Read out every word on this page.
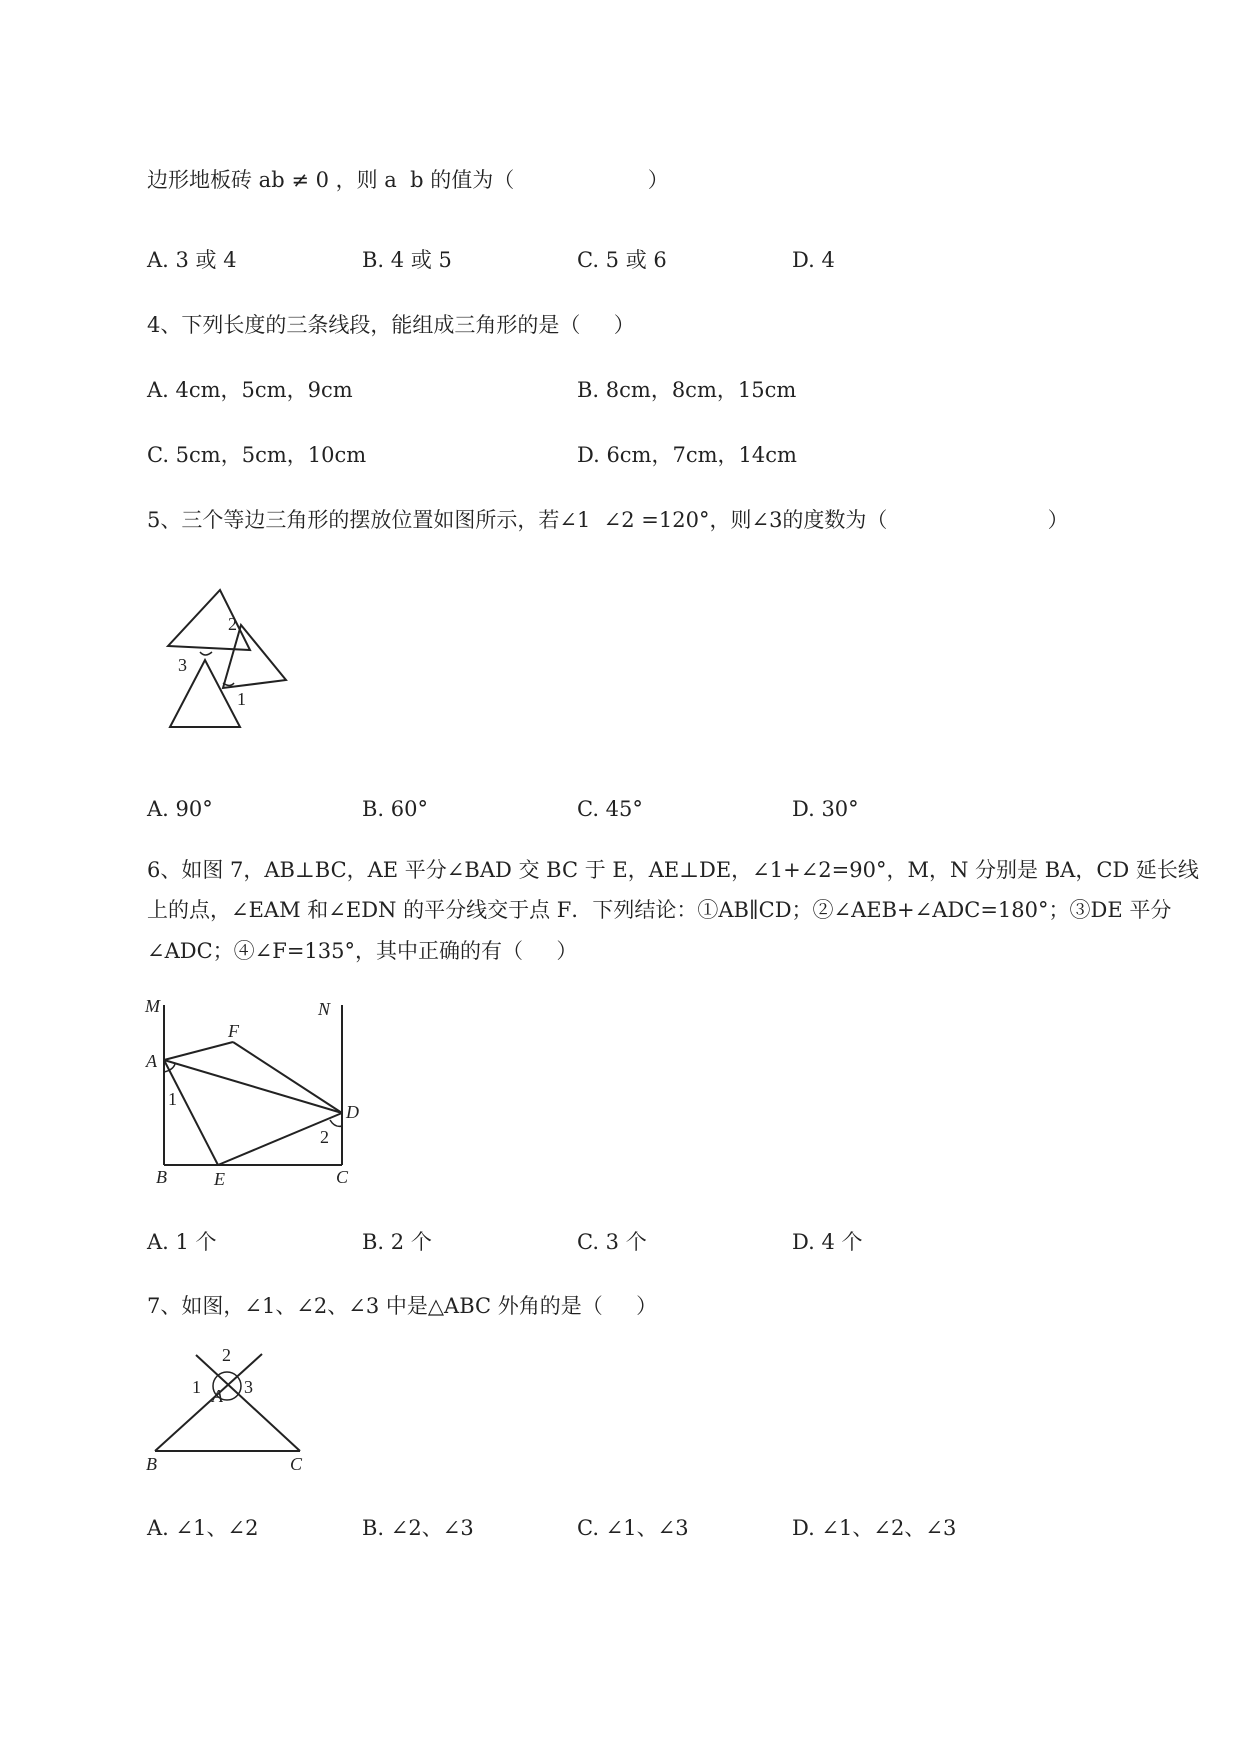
边形地板砖 ab ≠ 0 ，则 a  b 的值为（                    ）
A. 3 或 4	B. 4 或 5	C. 5 或 6	D. 4
4、下列长度的三条线段，能组成三角形的是（     ）
A. 4cm，5cm，9cm	B. 8cm，8cm，15cm
C. 5cm，5cm，10cm	D. 6cm，7cm，14cm
5、三个等边三角形的摆放位置如图所示，若∠1  ∠2 =120°，则∠3的度数为（                        ）
2
3
1
A. 90°	B. 60°	C. 45°	D. 30°
6、如图 7，AB⊥BC，AE 平分∠BAD 交 BC 于 E，AE⊥DE，∠1+∠2=90°，M，N 分别是 BA，CD 延长线
上的点，∠EAM 和∠EDN 的平分线交于点 F．下列结论：①AB∥CD；②∠AEB+∠ADC=180°；③DE 平分
∠ADC；④∠F=135°，其中正确的有（     ）
M	N
F
A
1
D
2
B	E	C
A. 1 个	B. 2 个	C. 3 个	D. 4 个
7、如图，∠1、∠2、∠3 中是△ABC 外角的是（     ）
2
1 A 3
B	C
A. ∠1、∠2	B. ∠2、∠3	C. ∠1、∠3	D. ∠1、∠2、∠3
